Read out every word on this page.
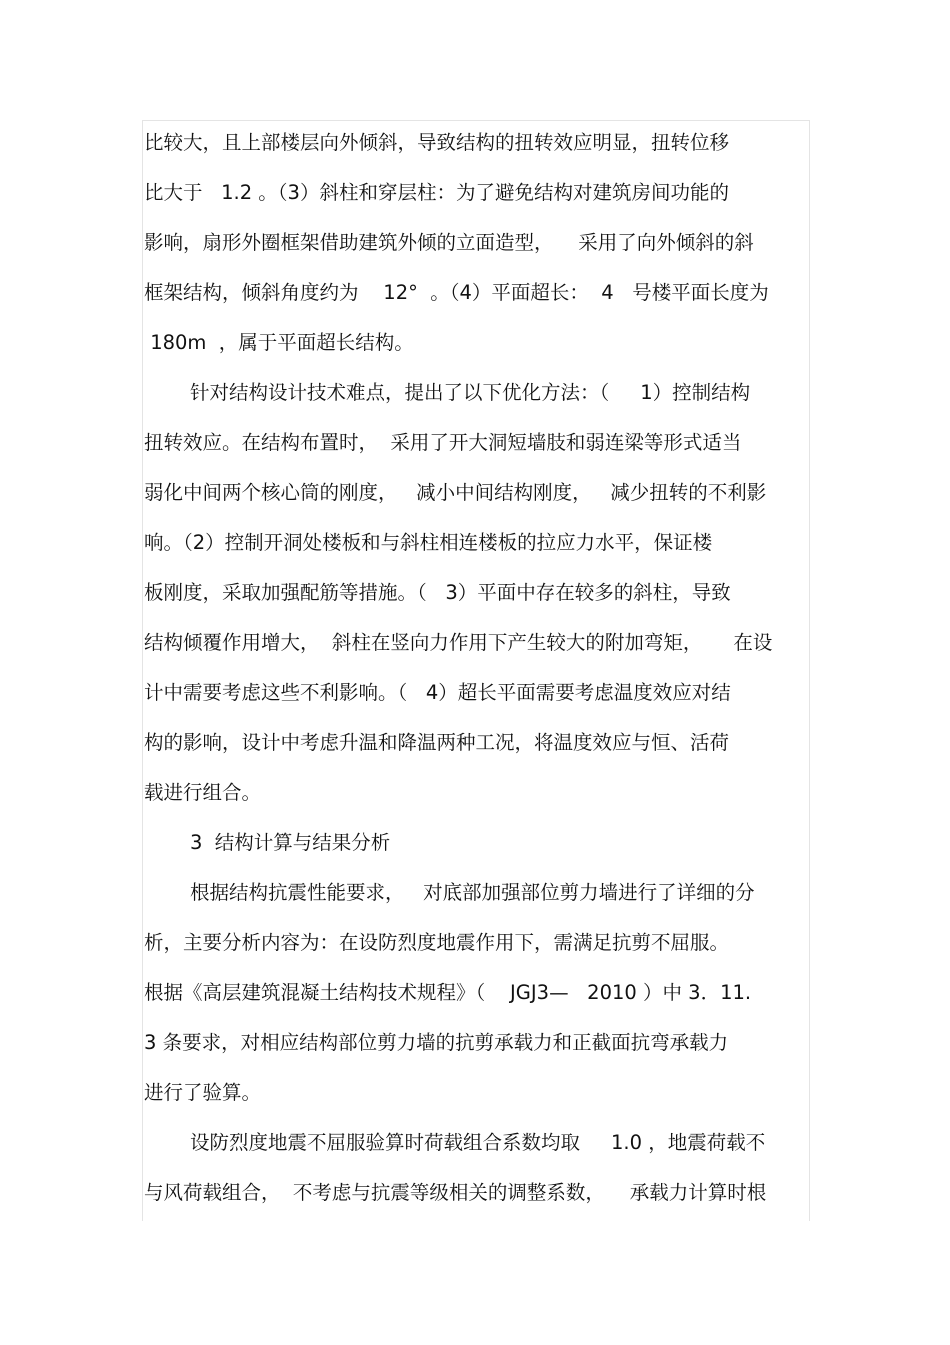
比较大，且上部楼层向外倾斜，导致结构的扭转效应明显，扭转位移
比大于   1.2 。（3）斜柱和穿层柱：为了避免结构对建筑房间功能的
影响，扇形外圈框架借助建筑外倾的立面造型，    采用了向外倾斜的斜
框架结构，倾斜角度约为    12°  。（4）平面超长：  4   号楼平面长度为
180m  ，属于平面超长结构。
针对结构设计技术难点，提出了以下优化方法：（     1）控制结构
扭转效应。在结构布置时，  采用了开大洞短墙肢和弱连梁等形式适当
弱化中间两个核心筒的刚度，   减小中间结构刚度，   减少扭转的不利影
响。（2）控制开洞处楼板和与斜柱相连楼板的拉应力水平，保证楼
板刚度，采取加强配筋等措施。（   3）平面中存在较多的斜柱，导致
结构倾覆作用增大，  斜柱在竖向力作用下产生较大的附加弯矩，     在设
计中需要考虑这些不利影响。（   4）超长平面需要考虑温度效应对结
构的影响，设计中考虑升温和降温两种工况，将温度效应与恒、活荷
载进行组合。
3  结构计算与结果分析
根据结构抗震性能要求，   对底部加强部位剪力墙进行了详细的分
析，主要分析内容为：在设防烈度地震作用下，需满足抗剪不屈服。
根据《高层建筑混凝土结构技术规程》（    JGJ3—   2010 ）中 3．11.
3 条要求，对相应结构部位剪力墙的抗剪承载力和正截面抗弯承载力
进行了验算。
设防烈度地震不屈服验算时荷载组合系数均取     1.0 ，地震荷载不
与风荷载组合，  不考虑与抗震等级相关的调整系数，    承载力计算时根
